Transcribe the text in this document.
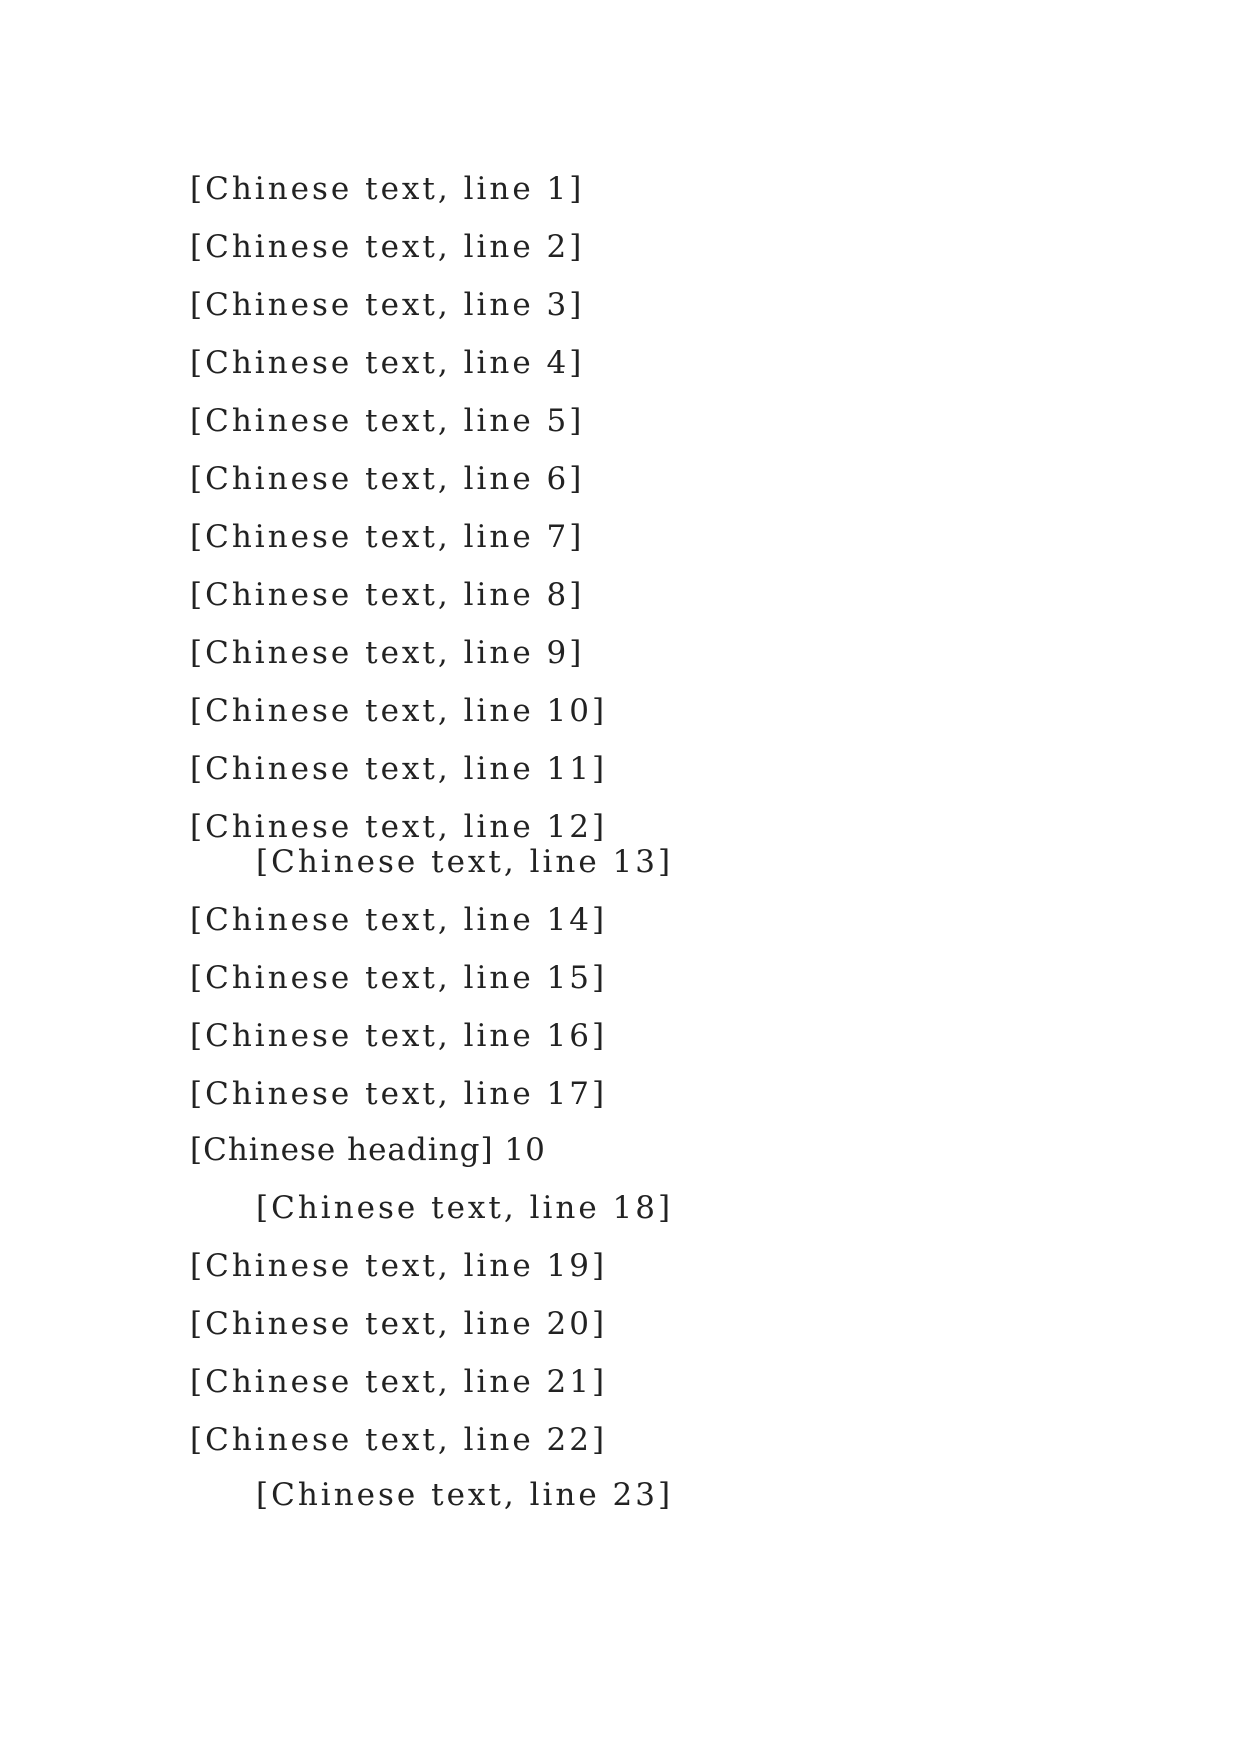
[Chinese text, line 1]
[Chinese text, line 2]
[Chinese text, line 3]
[Chinese text, line 4]
[Chinese text, line 5]
[Chinese text, line 6]
[Chinese text, line 7]
[Chinese text, line 8]
[Chinese text, line 9]
[Chinese text, line 10]
[Chinese text, line 11]
[Chinese text, line 12]
[Chinese text, line 13]
[Chinese text, line 14]
[Chinese text, line 15]
[Chinese text, line 16]
[Chinese text, line 17]
[Chinese heading] 10
[Chinese text, line 18]
[Chinese text, line 19]
[Chinese text, line 20]
[Chinese text, line 21]
[Chinese text, line 22]
[Chinese text, line 23]
